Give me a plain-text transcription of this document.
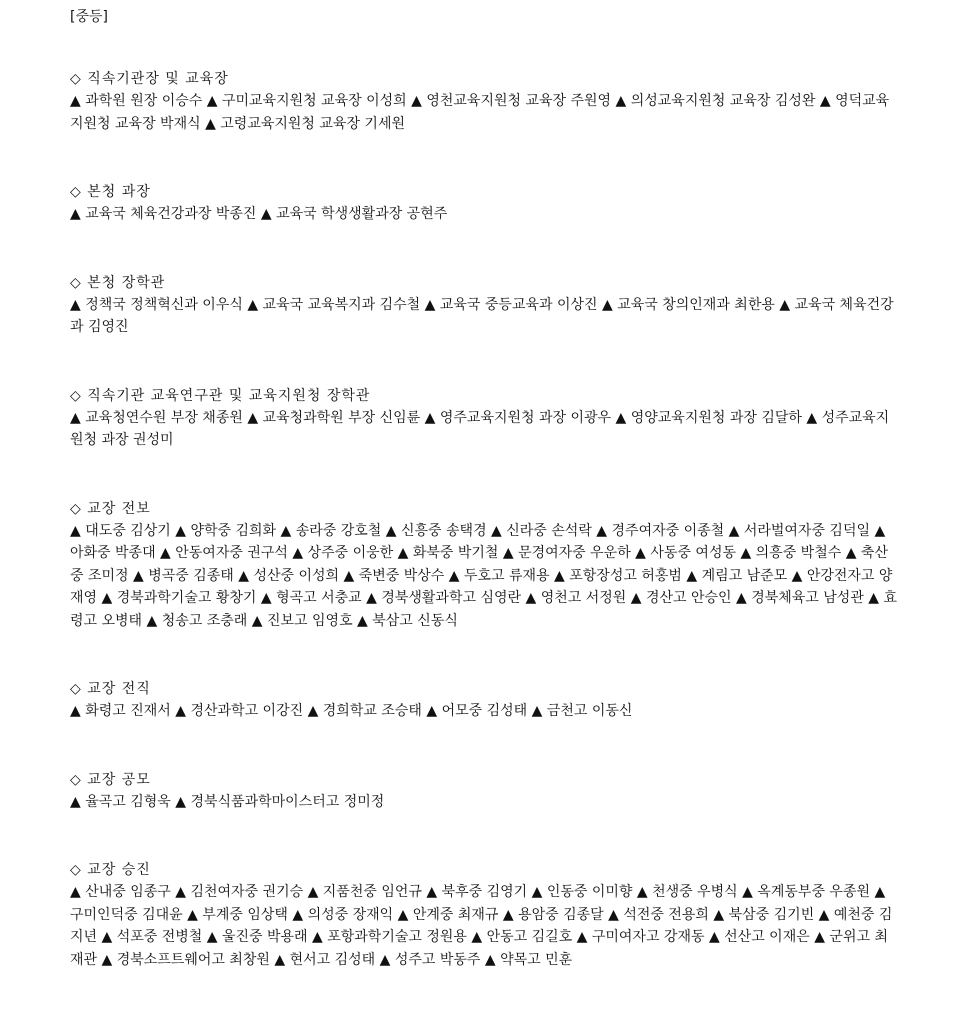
[중등]
◇ 직속기관장 및 교육장
▲ 과학원 원장 이승수 ▲ 구미교육지원청 교육장 이성희 ▲ 영천교육지원청 교육장 주원영 ▲ 의성교육지원청 교육장 김성완 ▲ 영덕교육지원청 교육장 박재식 ▲ 고령교육지원청 교육장 기세원
◇ 본청 과장
▲ 교육국 체육건강과장 박종진 ▲ 교육국 학생생활과장 공현주
◇ 본청 장학관
▲ 정책국 정책혁신과 이우식 ▲ 교육국 교육복지과 김수철 ▲ 교육국 중등교육과 이상진 ▲ 교육국 창의인재과 최한용 ▲ 교육국 체육건강과 김영진
◇ 직속기관 교육연구관 및 교육지원청 장학관
▲ 교육청연수원 부장 채종원 ▲ 교육청과학원 부장 신임륜 ▲ 영주교육지원청 과장 이광우 ▲ 영양교육지원청 과장 김달하 ▲ 성주교육지원청 과장 권성미
◇ 교장 전보
▲ 대도중 김상기 ▲ 양학중 김희화 ▲ 송라중 강호철 ▲ 신흥중 송택경 ▲ 신라중 손석락 ▲ 경주여자중 이종철 ▲ 서라벌여자중 김덕일 ▲ 아화중 박종대 ▲ 안동여자중 권구석 ▲ 상주중 이웅한 ▲ 화북중 박기철 ▲ 문경여자중 우운하 ▲ 사동중 여성동 ▲ 의흥중 박철수 ▲ 축산중 조미정 ▲ 병곡중 김종태 ▲ 성산중 이성희 ▲ 죽변중 박상수 ▲ 두호고 류재용 ▲ 포항장성고 허홍범 ▲ 계림고 남준모 ▲ 안강전자고 양재영 ▲ 경북과학기술고 황창기 ▲ 형곡고 서충교 ▲ 경북생활과학고 심영란 ▲ 영천고 서정원 ▲ 경산고 안승인 ▲ 경북체육고 남성관 ▲ 효령고 오병태 ▲ 청송고 조충래 ▲ 진보고 임영호 ▲ 북삼고 신동식
◇ 교장 전직
▲ 화령고 진재서 ▲ 경산과학고 이강진 ▲ 경희학교 조승태 ▲ 어모중 김성태 ▲ 금천고 이동신
◇ 교장 공모
▲ 율곡고 김형욱 ▲ 경북식품과학마이스터고 정미정
◇ 교장 승진
▲ 산내중 임종구 ▲ 김천여자중 권기승 ▲ 지품천중 임언규 ▲ 북후중 김영기 ▲ 인동중 이미향 ▲ 천생중 우병식 ▲ 옥계동부중 우종원 ▲ 구미인덕중 김대윤 ▲ 부계중 임상택 ▲ 의성중 장재익 ▲ 안계중 최재규 ▲ 용암중 김종달 ▲ 석전중 전용희 ▲ 북삼중 김기빈 ▲ 예천중 김지년 ▲ 석포중 전병철 ▲ 울진중 박용래 ▲ 포항과학기술고 정원용 ▲ 안동고 김길호 ▲ 구미여자고 강재동 ▲ 선산고 이재은 ▲ 군위고 최재관 ▲ 경북소프트웨어고 최창원 ▲ 현서고 김성태 ▲ 성주고 박동주 ▲ 약목고 민훈
